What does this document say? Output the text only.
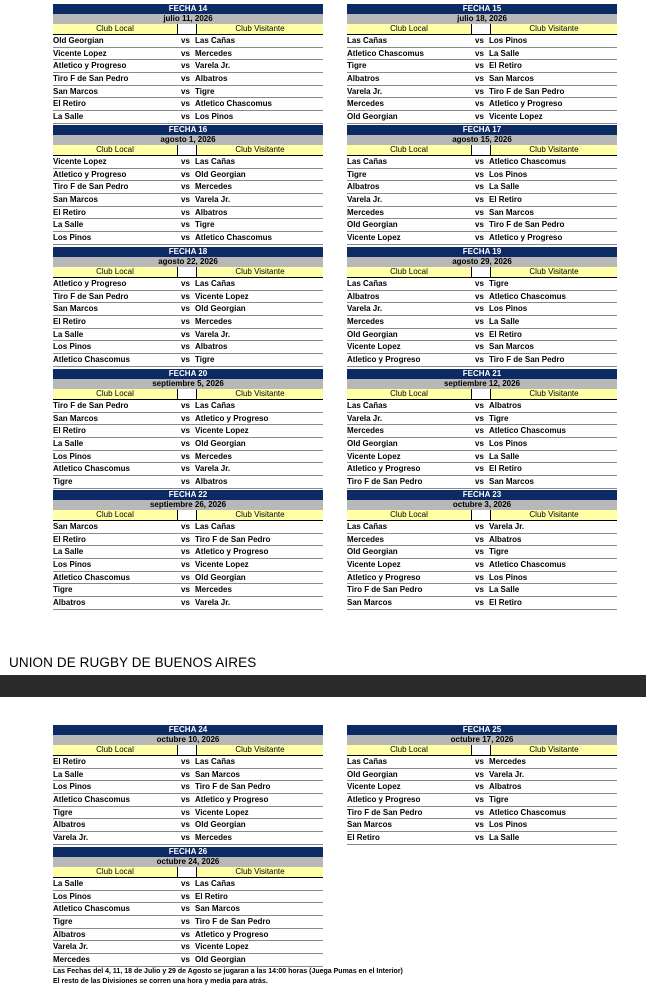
FECHA 14
julio 11, 2026
Club Local	Club Visitante
Old Georgian	vs Las Cañas
Vicente Lopez	vs Mercedes
Atletico y Progreso	vs Varela Jr.
Tiro F de San Pedro	vs Albatros
San Marcos	vs Tigre
El Retiro	vs Atletico Chascomus
La Salle	vs Los Pinos
FECHA 15
julio 18, 2026
Club Local	Club Visitante
Las Cañas	vs Los Pinos
Atletico Chascomus	vs La Salle
Tigre	vs El Retiro
Albatros	vs San Marcos
Varela Jr.	vs Tiro F de San Pedro
Mercedes	vs Atletico y Progreso
Old Georgian	vs Vicente Lopez
FECHA 16
agosto 1, 2026
Club Local	Club Visitante
Vicente Lopez	vs Las Cañas
Atletico y Progreso	vs Old Georgian
Tiro F de San Pedro	vs Mercedes
San Marcos	vs Varela Jr.
El Retiro	vs Albatros
La Salle	vs Tigre
Los Pinos	vs Atletico Chascomus
FECHA 17
agosto 15, 2026
Club Local	Club Visitante
Las Cañas	vs Atletico Chascomus
Tigre	vs Los Pinos
Albatros	vs La Salle
Varela Jr.	vs El Retiro
Mercedes	vs San Marcos
Old Georgian	vs Tiro F de San Pedro
Vicente Lopez	vs Atletico y Progreso
FECHA 18
agosto 22, 2026
Club Local	Club Visitante
Atletico y Progreso	vs Las Cañas
Tiro F de San Pedro	vs Vicente Lopez
San Marcos	vs Old Georgian
El Retiro	vs Mercedes
La Salle	vs Varela Jr.
Los Pinos	vs Albatros
Atletico Chascomus	vs Tigre
FECHA 19
agosto 29, 2026
Club Local	Club Visitante
Las Cañas	vs Tigre
Albatros	vs Atletico Chascomus
Varela Jr.	vs Los Pinos
Mercedes	vs La Salle
Old Georgian	vs El Retiro
Vicente Lopez	vs San Marcos
Atletico y Progreso	vs Tiro F de San Pedro
FECHA 20
septiembre 5, 2026
Club Local	Club Visitante
Tiro F de San Pedro	vs Las Cañas
San Marcos	vs Atletico y Progreso
El Retiro	vs Vicente Lopez
La Salle	vs Old Georgian
Los Pinos	vs Mercedes
Atletico Chascomus	vs Varela Jr.
Tigre	vs Albatros
FECHA 21
septiembre 12, 2026
Club Local	Club Visitante
Las Cañas	vs Albatros
Varela Jr.	vs Tigre
Mercedes	vs Atletico Chascomus
Old Georgian	vs Los Pinos
Vicente Lopez	vs La Salle
Atletico y Progreso	vs El Retiro
Tiro F de San Pedro	vs San Marcos
FECHA 22
septiembre 26, 2026
Club Local	Club Visitante
San Marcos	vs Las Cañas
El Retiro	vs Tiro F de San Pedro
La Salle	vs Atletico y Progreso
Los Pinos	vs Vicente Lopez
Atletico Chascomus	vs Old Georgian
Tigre	vs Mercedes
Albatros	vs Varela Jr.
FECHA 23
octubre 3, 2026
Club Local	Club Visitante
Las Cañas	vs Varela Jr.
Mercedes	vs Albatros
Old Georgian	vs Tigre
Vicente Lopez	vs Atletico Chascomus
Atletico y Progreso	vs Los Pinos
Tiro F de San Pedro	vs La Salle
San Marcos	vs El Retiro
FECHA 24
octubre 10, 2026
Club Local	Club Visitante
El Retiro	vs Las Cañas
La Salle	vs San Marcos
Los Pinos	vs Tiro F de San Pedro
Atletico Chascomus	vs Atletico y Progreso
Tigre	vs Vicente Lopez
Albatros	vs Old Georgian
Varela Jr.	vs Mercedes
FECHA 25
octubre 17, 2026
Club Local	Club Visitante
Las Cañas	vs Mercedes
Old Georgian	vs Varela Jr.
Vicente Lopez	vs Albatros
Atletico y Progreso	vs Tigre
Tiro F de San Pedro	vs Atletico Chascomus
San Marcos	vs Los Pinos
El Retiro	vs La Salle
FECHA 26
octubre 24, 2026
Club Local	Club Visitante
La Salle	vs Las Cañas
Los Pinos	vs El Retiro
Atletico Chascomus	vs San Marcos
Tigre	vs Tiro F de San Pedro
Albatros	vs Atletico y Progreso
Varela Jr.	vs Vicente Lopez
Mercedes	vs Old Georgian
UNION DE RUGBY DE BUENOS AIRES
Las Fechas del 4, 11, 18 de Julio y 29 de Agosto se jugaran a las 14:00 horas (Juega Pumas en el Interior)
El resto de las Divisiones se corren una hora y media para atrás.
